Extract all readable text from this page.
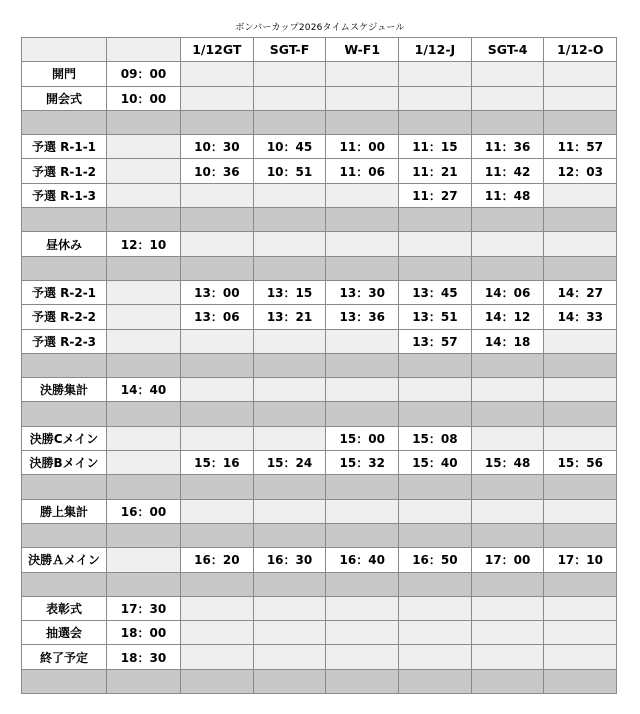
ボンバーカップ2026タイムスケジュール
		1/12GT	SGT-F	W-F1	1/12-J	SGT-4	1/12-O
開門	09：00						
開会式	10：00						

予選 R-1-1		10：30	10：45	11：00	11：15	11：36	11：57
予選 R-1-2		10：36	10：51	11：06	11：21	11：42	12：03
予選 R-1-3					11：27	11：48	

昼休み	12：10						

予選 R-2-1		13：00	13：15	13：30	13：45	14：06	14：27
予選 R-2-2		13：06	13：21	13：36	13：51	14：12	14：33
予選 R-2-3					13：57	14：18	

決勝集計	14：40						

決勝Cメイン				15：00	15：08		
決勝Bメイン		15：16	15：24	15：32	15：40	15：48	15：56

勝上集計	16：00						

決勝Ａメイン		16：20	16：30	16：40	16：50	17：00	17：10

表彰式	17：30						
抽選会	18：00						
終了予定	18：30						
